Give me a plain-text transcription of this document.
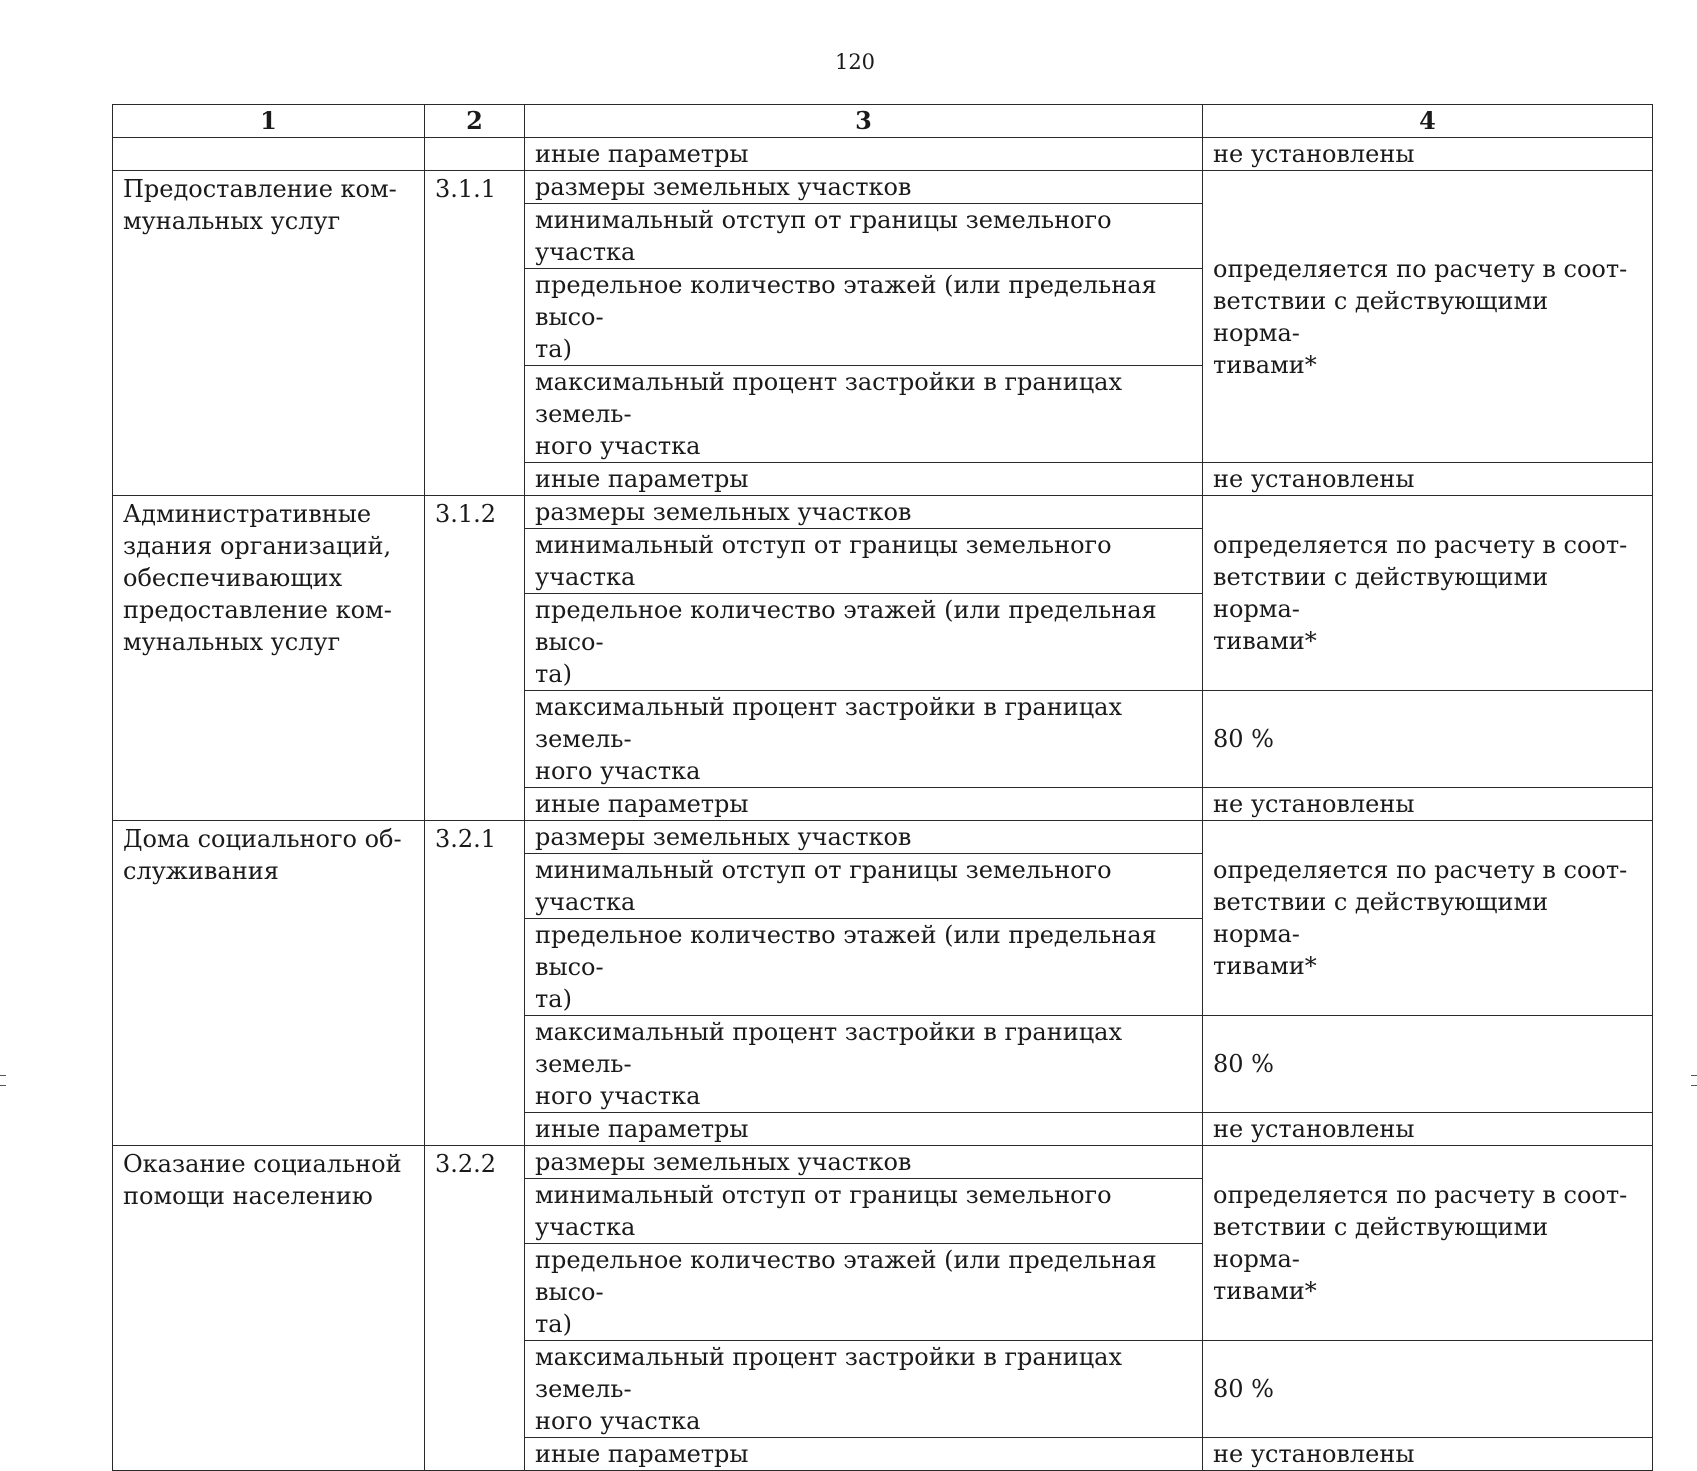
120
1	2	3	4
		иные параметры	не установлены
Предоставление ком-
мунальных услуг	3.1.1	размеры земельных участков	определяется по расчету в соот-
ветствии с действующими норма-
тивами*
		минимальный отступ от границы земельного участка	
		предельное количество этажей (или предельная высо-
та)	
		максимальный процент застройки в границах земель-
ного участка	
		иные параметры	не установлены
Административные
здания организаций,
обеспечивающих
предоставление ком-
мунальных услуг	3.1.2	размеры земельных участков	определяется по расчету в соот-
ветствии с действующими норма-
тивами*
		минимальный отступ от границы земельного участка	
		предельное количество этажей (или предельная высо-
та)	
		максимальный процент застройки в границах земель-
ного участка	80 %
		иные параметры	не установлены
Дома социального об-
служивания	3.2.1	размеры земельных участков	определяется по расчету в соот-
ветствии с действующими норма-
тивами*
		минимальный отступ от границы земельного участка	
		предельное количество этажей (или предельная высо-
та)	
		максимальный процент застройки в границах земель-
ного участка	80 %
		иные параметры	не установлены
Оказание социальной
помощи населению	3.2.2	размеры земельных участков	определяется по расчету в соот-
ветствии с действующими норма-
тивами*
		минимальный отступ от границы земельного участка	
		предельное количество этажей (или предельная высо-
та)	
		максимальный процент застройки в границах земель-
ного участка	80 %
		иные параметры	не установлены
